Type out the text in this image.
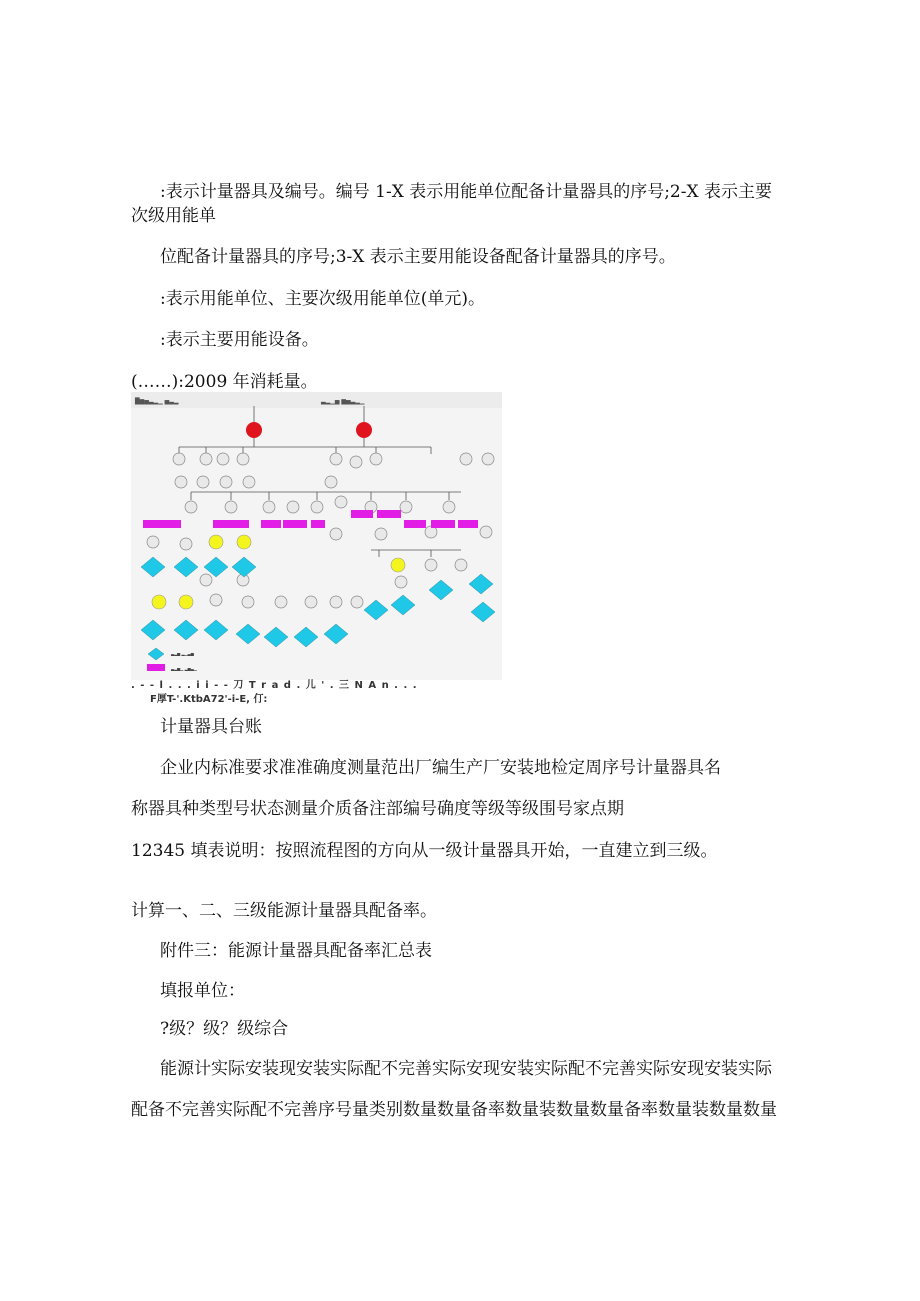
:表示计量器具及编号。编号 1-X 表示用能单位配备计量器具的序号;2-X 表示主要
次级用能单
位配备计量器具的序号;3-X 表示主要用能设备配备计量器具的序号。
:表示用能单位、主要次级用能单位(单元)。
:表示主要用能设备。
(……):2009 年消耗量。
█▆▅▃▂▁ ▅▃▂	▃▂▁▅ ▆▅▃▂▁
▃▂▅ ▂▁▃▅
▃▂▅▁ ▂▅▃▁
. - - l . . . i i - - 刀 T r a d . 儿 ' . 三 N A n . . .
F厚T-'.KtbA72'-i-E, 仃:
计量器具台账
企业内标准要求准准确度测量范出厂编生产厂安装地检定周序号计量器具名
称器具种类型号状态测量介质备注部编号确度等级等级围号家点期
12345 填表说明：按照流程图的方向从一级计量器具开始，一直建立到三级。
计算一、二、三级能源计量器具配备率。
附件三：能源计量器具配备率汇总表
填报单位：
?级？级？级综合
能源计实际安装现安装实际配不完善实际安现安装实际配不完善实际安现安装实际
配备不完善实际配不完善序号量类别数量数量备率数量装数量数量备率数量装数量数量
